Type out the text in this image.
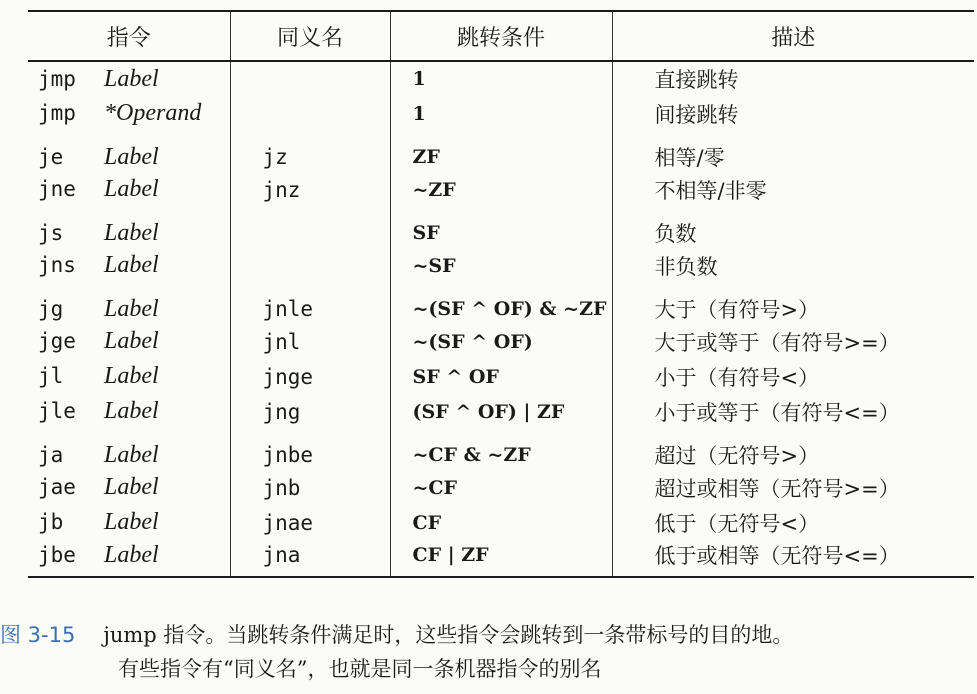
指令	同义名	跳转条件	描述
jmp Label		1	直接跳转
jmp *Operand		1	间接跳转
je Label	jz	ZF	相等/零
jne Label	jnz	~ZF	不相等/非零
js Label		SF	负数
jns Label		~SF	非负数
jg Label	jnle	~(SF ^ OF) & ~ZF	大于（有符号>）
jge Label	jnl	~(SF ^ OF)	大于或等于（有符号>=）
jl Label	jnge	SF ^ OF	小于（有符号<）
jle Label	jng	(SF ^ OF) | ZF	小于或等于（有符号<=）
ja Label	jnbe	~CF & ~ZF	超过（无符号>）
jae Label	jnb	~CF	超过或相等（无符号>=）
jb Label	jnae	CF	低于（无符号<）
jbe Label	jna	CF | ZF	低于或相等（无符号<=）
图 3-15 jump 指令。当跳转条件满足时，这些指令会跳转到一条带标号的目的地。
有些指令有“同义名”，也就是同一条机器指令的别名
